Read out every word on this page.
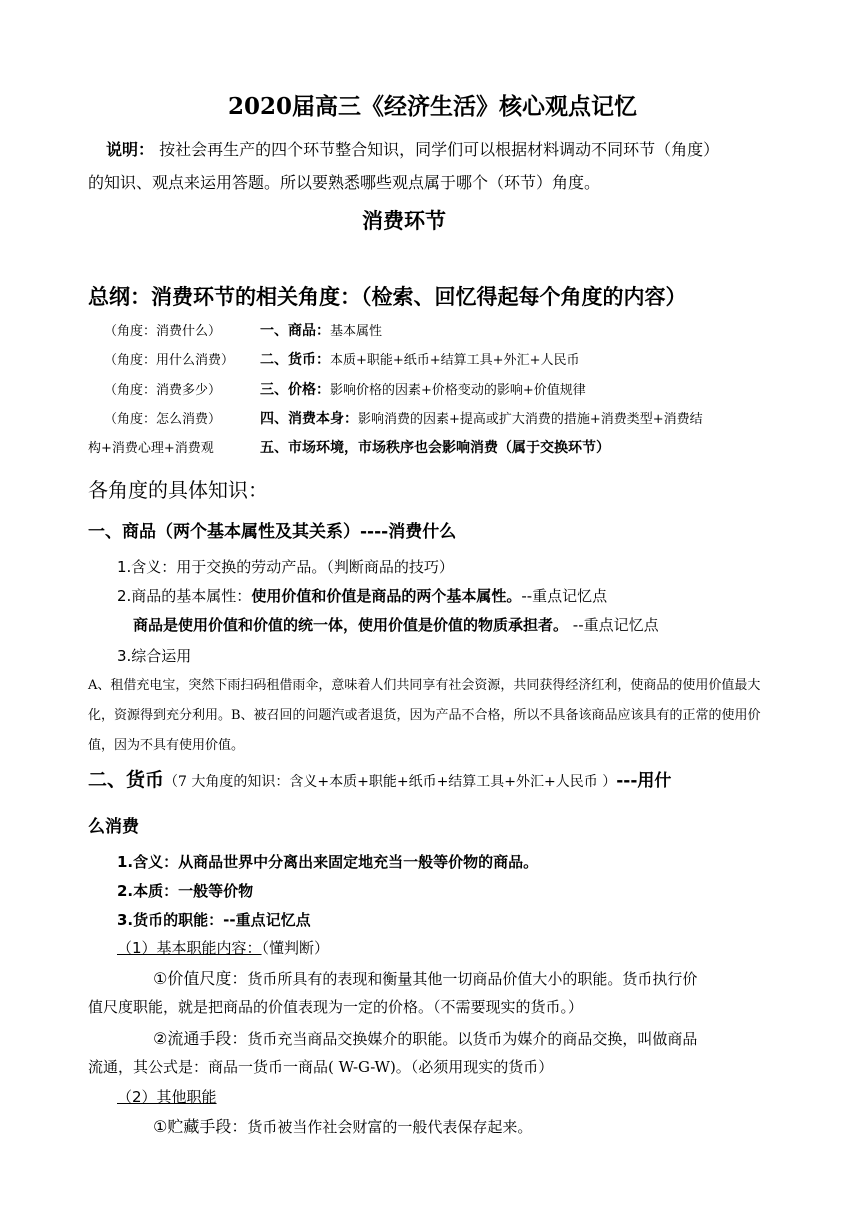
2020届高三《经济生活》核心观点记忆
说明： 按社会再生产的四个环节整合知识，同学们可以根据材料调动不同环节（角度）
的知识、观点来运用答题。所以要熟悉哪些观点属于哪个（环节）角度。
消费环节
总纲：消费环节的相关角度：（检索、回忆得起每个角度的内容）
（角度：消费什么）	一、商品：基本属性
（角度：用什么消费） 二、货币：本质+职能+纸币+结算工具+外汇+人民币
（角度：消费多少）	三、价格：影响价格的因素+价格变动的影响+价值规律
（角度：怎么消费）	四、消费本身：影响消费的因素+提高或扩大消费的措施+消费类型+消费结
构+消费心理+消费观	五、市场环境，市场秩序也会影响消费（属于交换环节）
各角度的具体知识：
一、商品（两个基本属性及其关系）----消费什么
1.含义：用于交换的劳动产品。（判断商品的技巧）
2.商品的基本属性：使用价值和价值是商品的两个基本属性。--重点记忆点
商品是使用价值和价值的统一体，使用价值是价值的物质承担者。 --重点记忆点
3.综合运用
A、租借充电宝，突然下雨扫码租借雨伞，意味着人们共同享有社会资源，共同获得经济红利，使商品的使用价值最大化，资源得到充分利用。B、被召回的问题汽或者退货，因为产品不合格，所以不具备该商品应该具有的正常的使用价值，因为不具有使用价值。
二、货币（7 大角度的知识：含义+本质+职能+纸币+结算工具+外汇+人民币 ）---用什
么消费
1.含义：从商品世界中分离出来固定地充当一般等价物的商品。
2.本质：一般等价物
3.货币的职能：--重点记忆点
（1）基本职能内容：（懂判断）
①价值尺度：货币所具有的表现和衡量其他一切商品价值大小的职能。货币执行价
值尺度职能，就是把商品的价值表现为一定的价格。（不需要现实的货币。）
②流通手段：货币充当商品交换媒介的职能。以货币为媒介的商品交换，叫做商品
流通，其公式是：商品一货币一商品( W-G-W)。（必须用现实的货币）
（2）其他职能
①贮藏手段：货币被当作社会财富的一般代表保存起来。
